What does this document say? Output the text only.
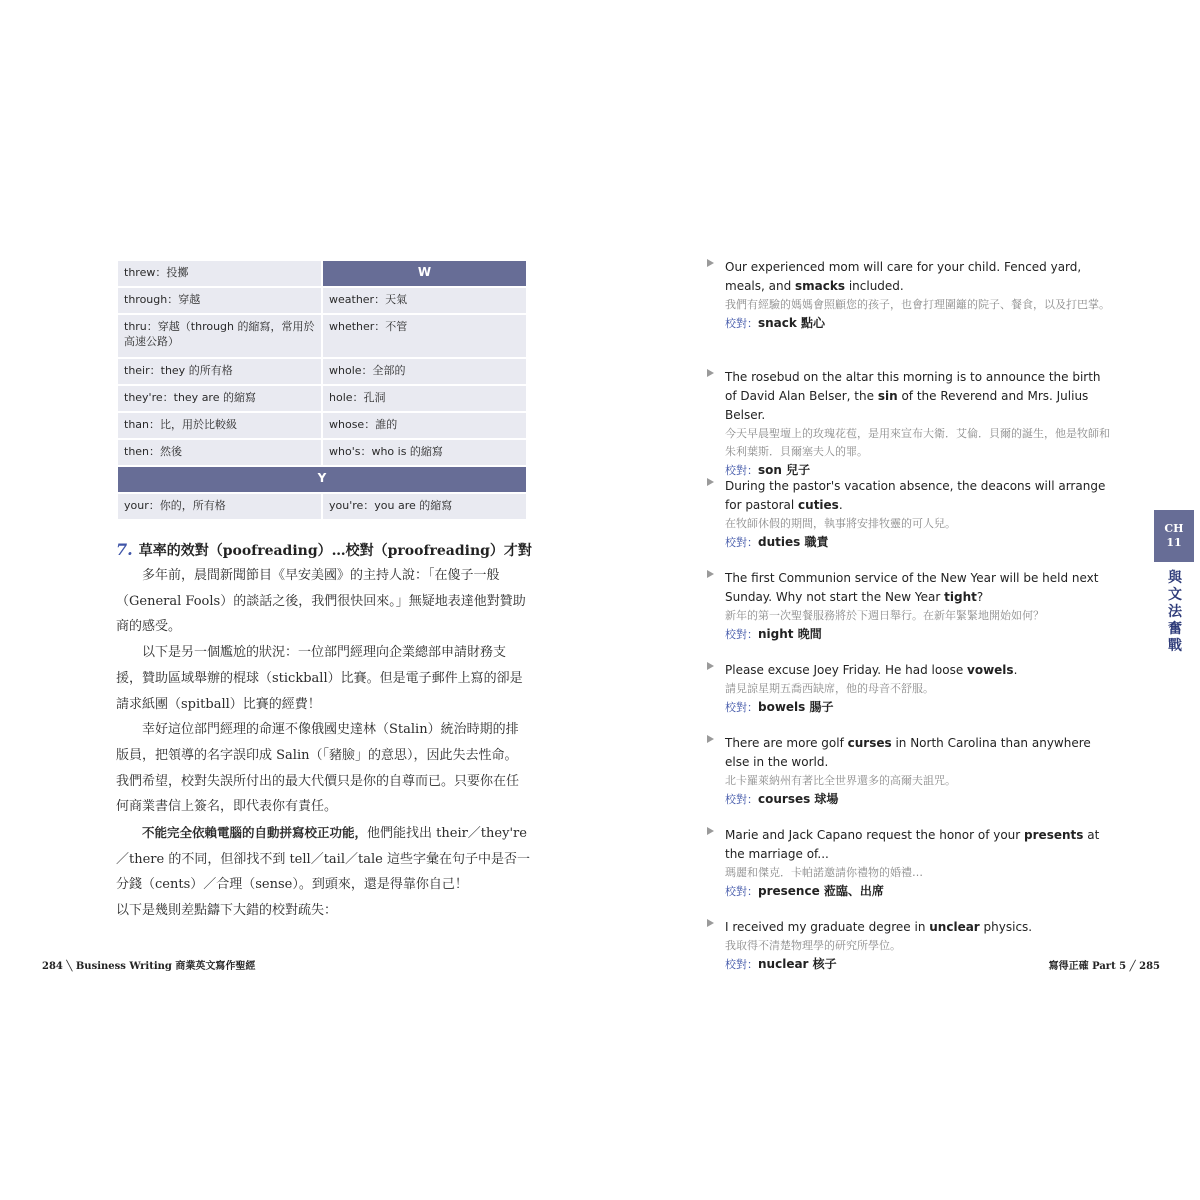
threw：投擲	W
through：穿越	weather：天氣
thru：穿越（through 的縮寫，常用於高速公路）	whether：不管
their：they 的所有格	whole：全部的
they're：they are 的縮寫	hole：孔洞
than：比，用於比較級	whose：誰的
then：然後	who's：who is 的縮寫
Y	
your：你的，所有格	you're：you are 的縮寫
7. 草率的效對（poofreading）…校對（proofreading）才對

多年前，晨間新聞節目《早安美國》的主持人說：「在傻子一般（General Fools）的談話之後，我們很快回來。」無疑地表達他對贊助商的感受。

以下是另一個尷尬的狀況：一位部門經理向企業總部申請財務支援，贊助區域舉辦的棍球（stickball）比賽。但是電子郵件上寫的卻是請求紙團（spitball）比賽的經費！

幸好這位部門經理的命運不像俄國史達林（Stalin）統治時期的排版員，把領導的名字誤印成 Salin（「豬臉」的意思），因此失去性命。我們希望，校對失誤所付出的最大代價只是你的自尊而已。只要你在任何商業書信上簽名，即代表你有責任。

不能完全依賴電腦的自動拼寫校正功能，他們能找出 their／they're／there 的不同，但卻找不到 tell／tail／tale 這些字彙在句子中是否一分錢（cents）／合理（sense）。到頭來，還是得靠你自己！

以下是幾則差點鑄下大錯的校對疏失：

284 ╲ Business Writing 商業英文寫作聖經
Our experienced mom will care for your child. Fenced yard, meals, and smacks included.
我們有經驗的媽媽會照顧您的孩子，也會打理圍籬的院子、餐食，以及打巴掌。
校對：snack 點心
The rosebud on the altar this morning is to announce the birth of David Alan Belser, the sin of the Reverend and Mrs. Julius Belser.
今天早晨聖壇上的玫瑰花苞，是用來宣布大衛．艾倫．貝爾的誕生，他是牧師和朱利葉斯．貝爾塞夫人的罪。
校對：son 兒子
During the pastor's vacation absence, the deacons will arrange for pastoral cuties.
在牧師休假的期間，執事將安排牧靈的可人兒。
校對：duties 職責
The first Communion service of the New Year will be held next Sunday. Why not start the New Year tight?
新年的第一次聖餐服務將於下週日舉行。在新年緊緊地開始如何？
校對：night 晚間
Please excuse Joey Friday. He had loose vowels.
請見諒星期五喬西缺席，他的母音不舒服。
校對：bowels 腸子
There are more golf curses in North Carolina than anywhere else in the world.
北卡羅萊納州有著比全世界還多的高爾夫詛咒。
校對：courses 球場
Marie and Jack Capano request the honor of your presents at the marriage of...
瑪麗和傑克．卡帕諾邀請你禮物的婚禮…
校對：presence 蒞臨、出席
I received my graduate degree in unclear physics.
我取得不清楚物理學的研究所學位。
校對：nuclear 核子	寫得正確 Part 5 ╱ 285
CH
11
與文法奮戰
